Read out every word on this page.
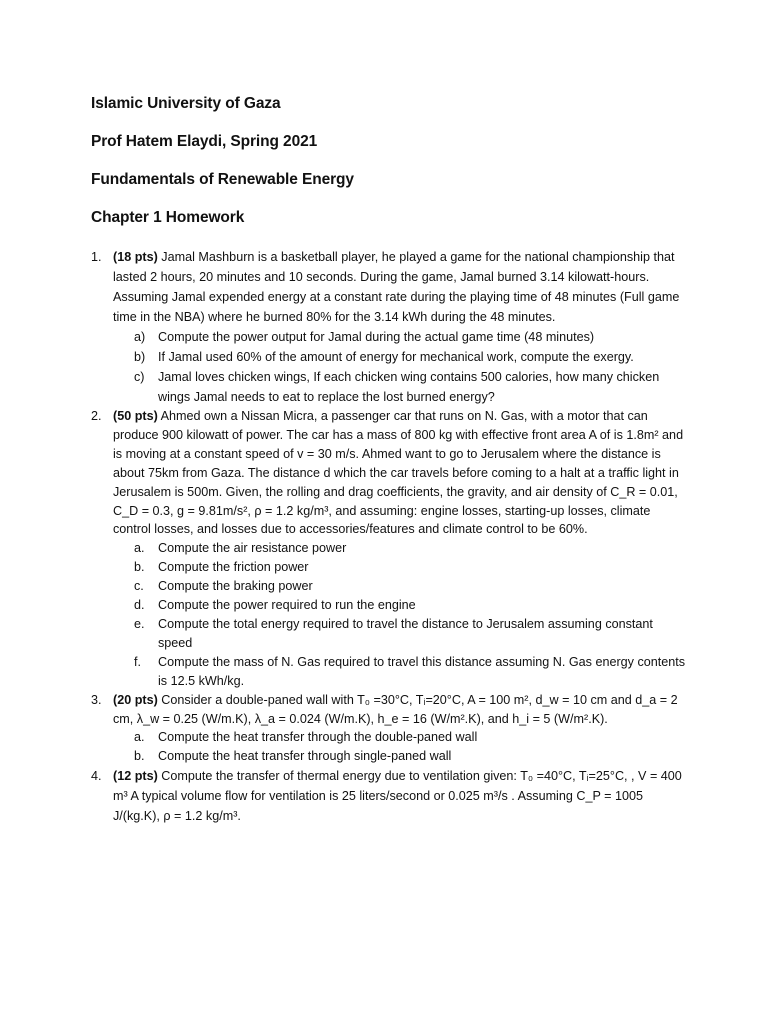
Islamic University of Gaza
Prof Hatem Elaydi, Spring 2021
Fundamentals of Renewable Energy
Chapter 1 Homework
1. (18 pts) Jamal Mashburn is a basketball player, he played a game for the national championship that lasted 2 hours, 20 minutes and 10 seconds. During the game, Jamal burned 3.14 kilowatt-hours. Assuming Jamal expended energy at a constant rate during the playing time of 48 minutes (Full game time in the NBA) where he burned 80% for the 3.14 kWh during the 48 minutes.
a) Compute the power output for Jamal during the actual game time (48 minutes)
b) If Jamal used 60% of the amount of energy for mechanical work, compute the exergy.
c) Jamal loves chicken wings, If each chicken wing contains 500 calories, how many chicken wings Jamal needs to eat to replace the lost burned energy?
2. (50 pts) Ahmed own a Nissan Micra, a passenger car that runs on N. Gas, with a motor that can produce 900 kilowatt of power. The car has a mass of 800 kg with effective front area A of is 1.8m² and is moving at a constant speed of v = 30 m/s. Ahmed want to go to Jerusalem where the distance is about 75km from Gaza. The distance d which the car travels before coming to a halt at a traffic light in Jerusalem is 500m. Given, the rolling and drag coefficients, the gravity, and air density of C_R = 0.01, C_D = 0.3, g = 9.81m/s², ρ = 1.2 kg/m³, and assuming: engine losses, starting-up losses, climate control losses, and losses due to accessories/features and climate control to be 60%.
a. Compute the air resistance power
b. Compute the friction power
c. Compute the braking power
d. Compute the power required to run the engine
e. Compute the total energy required to travel the distance to Jerusalem assuming constant speed
f. Compute the mass of N. Gas required to travel this distance assuming N. Gas energy contents is 12.5 kWh/kg.
3. (20 pts) Consider a double-paned wall with T₀ =30°C, Tᵢ=20°C, A = 100 m², d_w = 10 cm and d_a = 2 cm, λ_w = 0.25 (W/m.K), λ_a = 0.024 (W/m.K), h_e = 16 (W/m².K), and h_i = 5 (W/m².K).
a. Compute the heat transfer through the double-paned wall
b. Compute the heat transfer through single-paned wall
4. (12 pts) Compute the transfer of thermal energy due to ventilation given: T₀ =40°C, Tᵢ=25°C, , V = 400 m³ A typical volume flow for ventilation is 25 liters/second or 0.025 m³/s . Assuming C_P = 1005 J/(kg.K), ρ = 1.2 kg/m³.
